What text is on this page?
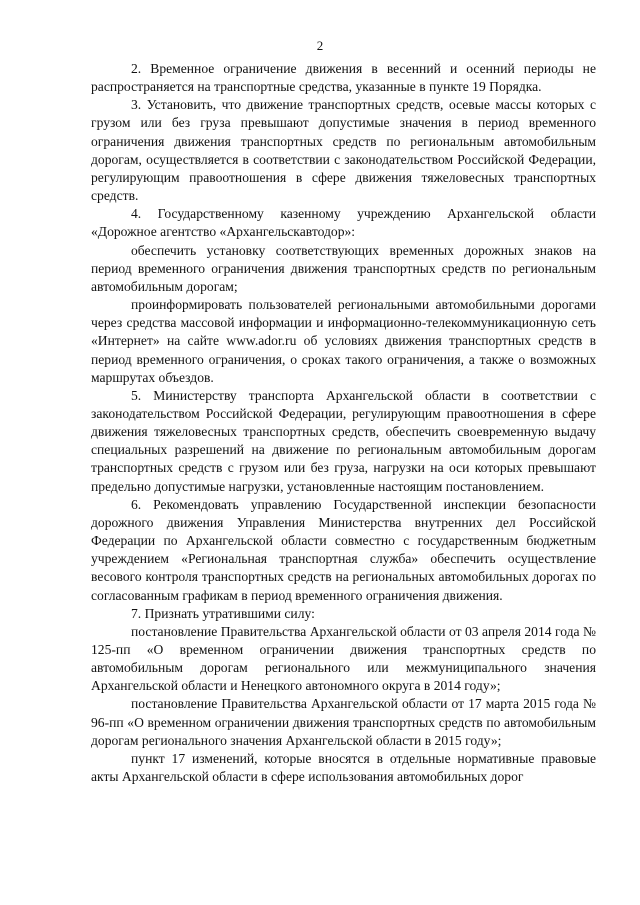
2

2. Временное ограничение движения в весенний и осенний периоды не распространяется на транспортные средства, указанные в пункте 19 Порядка.

3. Установить, что движение транспортных средств, осевые массы которых с грузом или без груза превышают допустимые значения в период временного ограничения движения транспортных средств по региональным автомобильным дорогам, осуществляется в соответствии с законодательством Российской Федерации, регулирующим правоотношения в сфере движения тяжеловесных транспортных средств.

4. Государственному казенному учреждению Архангельской области «Дорожное агентство «Архангельскавтодор»:

обеспечить установку соответствующих временных дорожных знаков на период временного ограничения движения транспортных средств по региональным автомобильным дорогам;

проинформировать пользователей региональными автомобильными дорогами через средства массовой информации и информационно-телекоммуникационную сеть «Интернет» на сайте www.ador.ru об условиях движения транспортных средств в период временного ограничения, о сроках такого ограничения, а также о возможных маршрутах объездов.

5. Министерству транспорта Архангельской области в соответствии с законодательством Российской Федерации, регулирующим правоотношения в сфере движения тяжеловесных транспортных средств, обеспечить своевременную выдачу специальных разрешений на движение по региональным автомобильным дорогам транспортных средств с грузом или без груза, нагрузки на оси которых превышают предельно допустимые нагрузки, установленные настоящим постановлением.

6. Рекомендовать управлению Государственной инспекции безопасности дорожного движения Управления Министерства внутренних дел Российской Федерации по Архангельской области совместно с государственным бюджетным учреждением «Региональная транспортная служба» обеспечить осуществление весового контроля транспортных средств на региональных автомобильных дорогах по согласованным графикам в период временного ограничения движения.

7. Признать утратившими силу:

постановление Правительства Архангельской области от 03 апреля 2014 года № 125-пп «О временном ограничении движения транспортных средств по автомобильным дорогам регионального или межмуниципального значения Архангельской области и Ненецкого автономного округа в 2014 году»;

постановление Правительства Архангельской области от 17 марта 2015 года № 96-пп «О временном ограничении движения транспортных средств по автомобильным дорогам регионального значения Архангельской области в 2015 году»;

пункт 17 изменений, которые вносятся в отдельные нормативные правовые акты Архангельской области в сфере использования автомобильных дорог
